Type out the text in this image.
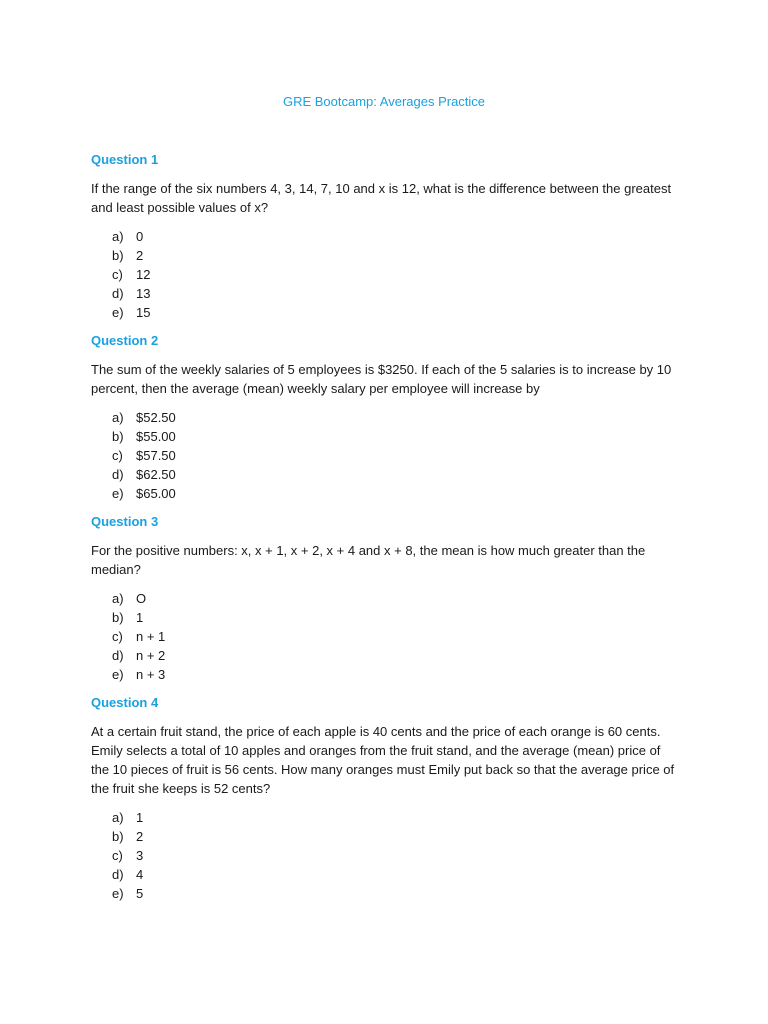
GRE Bootcamp: Averages Practice
Question 1

If the range of the six numbers 4, 3, 14, 7, 10 and x is 12, what is the difference between the greatest and least possible values of x?

a) 0
b) 2
c)	12
d) 13
e) 15
Question 2

The sum of the weekly salaries of 5 employees is $3250. If each of the 5 salaries is to increase by 10 percent, then the average (mean) weekly salary per employee will increase by

a) $52.50
b) $55.00
c)	$57.50
d) $62.50
e) $65.00
Question 3

For the positive numbers: x, x + 1, x + 2, x + 4 and x + 8, the mean is how much greater than the median?

a) O
b) 1
c)	n + 1
d) n + 2
e) n + 3
Question 4

At a certain fruit stand, the price of each apple is 40 cents and the price of each orange is 60 cents. Emily selects a total of 10 apples and oranges from the fruit stand, and the average (mean) price of the 10 pieces of fruit is 56 cents. How many oranges must Emily put back so that the average price of the fruit she keeps is 52 cents?

a) 1
b) 2
c)	3
d) 4
e) 5
